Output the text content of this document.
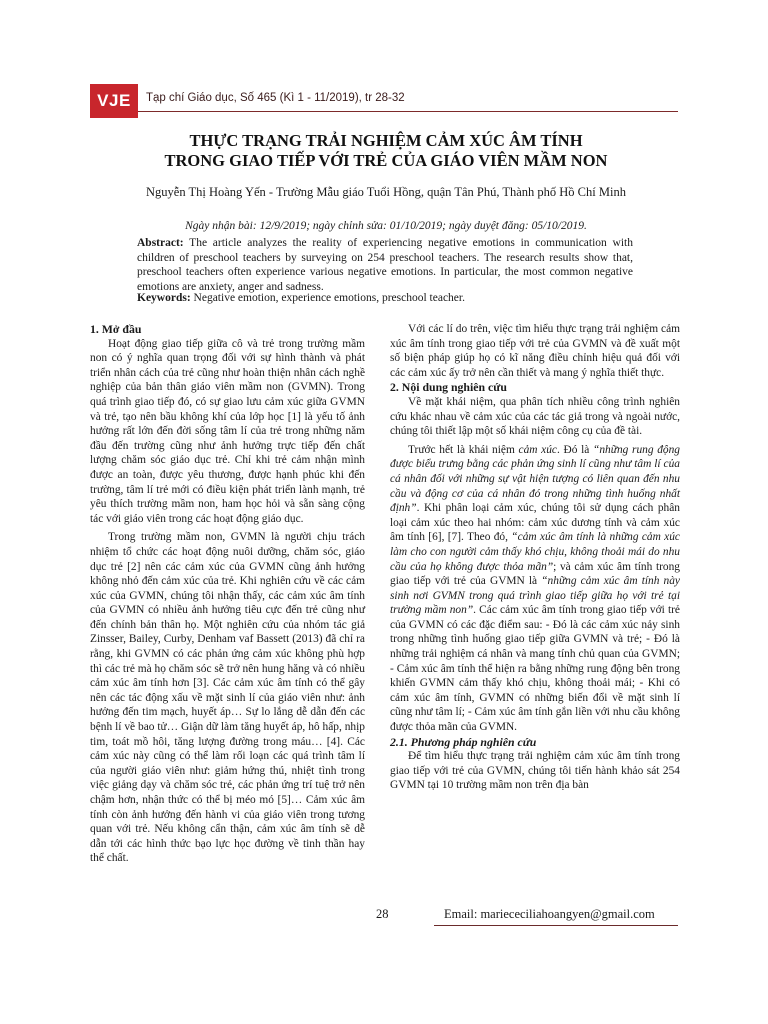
VJE	Tạp chí Giáo dục, Số 465 (Kì 1 - 11/2019), tr 28-32
THỰC TRẠNG TRẢI NGHIỆM CẢM XÚC ÂM TÍNH
TRONG GIAO TIẾP VỚI TRẺ CỦA GIÁO VIÊN MẦM NON
Nguyễn Thị Hoàng Yến - Trường Mẫu giáo Tuổi Hồng, quận Tân Phú, Thành phố Hồ Chí Minh
Ngày nhận bài: 12/9/2019; ngày chỉnh sửa: 01/10/2019; ngày duyệt đăng: 05/10/2019.
Abstract: The article analyzes the reality of experiencing negative emotions in communication with children of preschool teachers by surveying on 254 preschool teachers. The research results show that, preschool teachers often experience various negative emotions. In particular, the most common negative emotions are anxiety, anger and sadness.
Keywords: Negative emotion, experience emotions, preschool teacher.
1. Mở đầu

Hoạt động giao tiếp giữa cô và trẻ trong trường mầm non có ý nghĩa quan trọng đối với sự hình thành và phát triển nhân cách của trẻ cũng như hoàn thiện nhân cách nghề nghiệp của bản thân giáo viên mầm non (GVMN). Trong quá trình giao tiếp đó, có sự giao lưu cảm xúc giữa GVMN và trẻ, tạo nên bầu không khí của lớp học [1] là yếu tố ảnh hưởng rất lớn đến đời sống tâm lí của trẻ trong những năm đầu đến trường cũng như ảnh hưởng trực tiếp đến chất lượng chăm sóc giáo dục trẻ. Chỉ khi trẻ cảm nhận mình được an toàn, được yêu thương, được hạnh phúc khi đến trường, tâm lí trẻ mới có điều kiện phát triển lành mạnh, trẻ yêu thích trường mầm non, ham học hỏi và sẵn sàng cộng tác với giáo viên trong các hoạt động giáo dục.

Trong trường mầm non, GVMN là người chịu trách nhiệm tổ chức các hoạt động nuôi dưỡng, chăm sóc, giáo dục trẻ [2] nên các cảm xúc của GVMN cũng ảnh hưởng không nhỏ đến cảm xúc của trẻ. Khi nghiên cứu về các cảm xúc của GVMN, chúng tôi nhận thấy, các cảm xúc âm tính của GVMN có nhiều ảnh hưởng tiêu cực đến trẻ cũng như đến chính bản thân họ. Một nghiên cứu của nhóm tác giả Zinsser, Bailey, Curby, Denham vaf Bassett (2013) đã chỉ ra rằng, khi GVMN có các phản ứng cảm xúc không phù hợp thì các trẻ mà họ chăm sóc sẽ trở nên hung hăng và có nhiều cảm xúc âm tính hơn [3]. Các cảm xúc âm tính có thể gây nên các tác động xấu về mặt sinh lí của giáo viên như: ảnh hưởng đến tim mạch, huyết áp… Sự lo lắng dễ dẫn đến các bệnh lí về bao tử… Giận dữ làm tăng huyết áp, hô hấp, nhịp tim, toát mồ hôi, tăng lượng đường trong máu… [4]. Các cảm xúc này cũng có thể làm rối loạn các quá trình tâm lí của người giáo viên như: giảm hứng thú, nhiệt tình trong việc giảng dạy và chăm sóc trẻ, các phản ứng trí tuệ trở nên chậm hơn, nhận thức có thể bị méo mó [5]… Cảm xúc âm tính còn ảnh hưởng đến hành vi của giáo viên trong tương quan với trẻ. Nếu không cẩn thận, cảm xúc âm tính sẽ dễ dẫn tới các hình thức bạo lực học đường về tinh thần hay thể chất.

Với các lí do trên, việc tìm hiểu thực trạng trải nghiệm cảm xúc âm tính trong giao tiếp với trẻ của GVMN và đề xuất một số biện pháp giúp họ có kĩ năng điều chỉnh hiệu quả đối với các cảm xúc ấy trở nên cần thiết và mang ý nghĩa thiết thực.

2. Nội dung nghiên cứu

Về mặt khái niệm, qua phân tích nhiều công trình nghiên cứu khác nhau về cảm xúc của các tác giả trong và ngoài nước, chúng tôi thiết lập một số khái niệm công cụ của đề tài.

Trước hết là khái niệm cảm xúc. Đó là “những rung động được biểu trưng bằng các phản ứng sinh lí cũng như tâm lí của cá nhân đối với những sự vật hiện tượng có liên quan đến nhu cầu và động cơ của cá nhân đó trong những tình huống nhất định”. Khi phân loại cảm xúc, chúng tôi sử dụng cách phân loại cảm xúc theo hai nhóm: cảm xúc dương tính và cảm xúc âm tính [6], [7]. Theo đó, “cảm xúc âm tính là những cảm xúc làm cho con người cảm thấy khó chịu, không thoải mái do nhu cầu của họ không được thỏa mãn”; và cảm xúc âm tính trong giao tiếp với trẻ của GVMN là “những cảm xúc âm tính này sinh nơi GVMN trong quá trình giao tiếp giữa họ với trẻ tại trường mầm non”. Các cảm xúc âm tính trong giao tiếp với trẻ của GVMN có các đặc điểm sau: - Đó là các cảm xúc nảy sinh trong những tình huống giao tiếp giữa GVMN và trẻ; - Đó là những trải nghiệm cá nhân và mang tính chủ quan của GVMN; - Cảm xúc âm tính thể hiện ra bằng những rung động bên trong khiến GVMN cảm thấy khó chịu, không thoải mái; - Khi có cảm xúc âm tính, GVMN có những biến đổi về mặt sinh lí cũng như tâm lí; - Cảm xúc âm tính gắn liền với nhu cầu không được thỏa mãn của GVMN.

2.1. Phương pháp nghiên cứu

Để tìm hiểu thực trạng trải nghiệm cảm xúc âm tính trong giao tiếp với trẻ của GVMN, chúng tôi tiến hành khảo sát 254 GVMN tại 10 trường mầm non trên địa bàn

28	Email: mariececiliahoangyen@gmail.com
